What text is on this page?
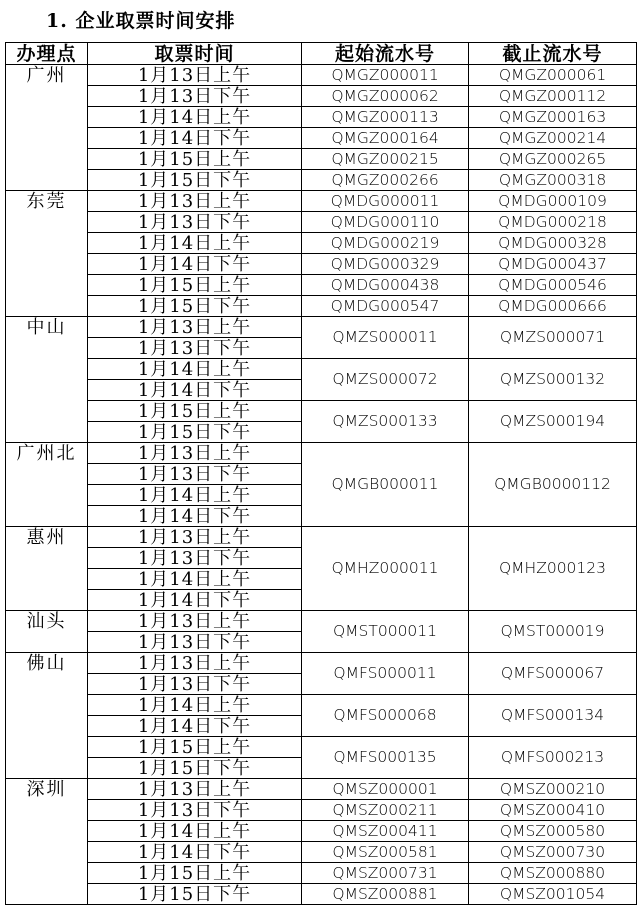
1. 企业取票时间安排
办理点	取票时间	起始流水号	截止流水号
广州	1月13日上午	QMGZ000011	QMGZ000061
	1月13日下午	QMGZ000062	QMGZ000112
	1月14日上午	QMGZ000113	QMGZ000163
	1月14日下午	QMGZ000164	QMGZ000214
	1月15日上午	QMGZ000215	QMGZ000265
	1月15日下午	QMGZ000266	QMGZ000318
东莞	1月13日上午	QMDG000011	QMDG000109
	1月13日下午	QMDG000110	QMDG000218
	1月14日上午	QMDG000219	QMDG000328
	1月14日下午	QMDG000329	QMDG000437
	1月15日上午	QMDG000438	QMDG000546
	1月15日下午	QMDG000547	QMDG000666
中山	1月13日上午	QMZS000011	QMZS000071
	1月13日下午		
	1月14日上午	QMZS000072	QMZS000132
	1月14日下午		
	1月15日上午	QMZS000133	QMZS000194
	1月15日下午		
广州北	1月13日上午	QMGB000011	QMGB0000112
	1月13日下午		
	1月14日上午		
	1月14日下午		
惠州	1月13日上午	QMHZ000011	QMHZ000123
	1月13日下午		
	1月14日上午		
	1月14日下午		
汕头	1月13日上午	QMST000011	QMST000019
	1月13日下午		
佛山	1月13日上午	QMFS000011	QMFS000067
	1月13日下午		
	1月14日上午	QMFS000068	QMFS000134
	1月14日下午		
	1月15日上午	QMFS000135	QMFS000213
	1月15日下午		
深圳	1月13日上午	QMSZ000001	QMSZ000210
	1月13日下午	QMSZ000211	QMSZ000410
	1月14日上午	QMSZ000411	QMSZ000580
	1月14日下午	QMSZ000581	QMSZ000730
	1月15日上午	QMSZ000731	QMSZ000880
	1月15日下午	QMSZ000881	QMSZ001054
